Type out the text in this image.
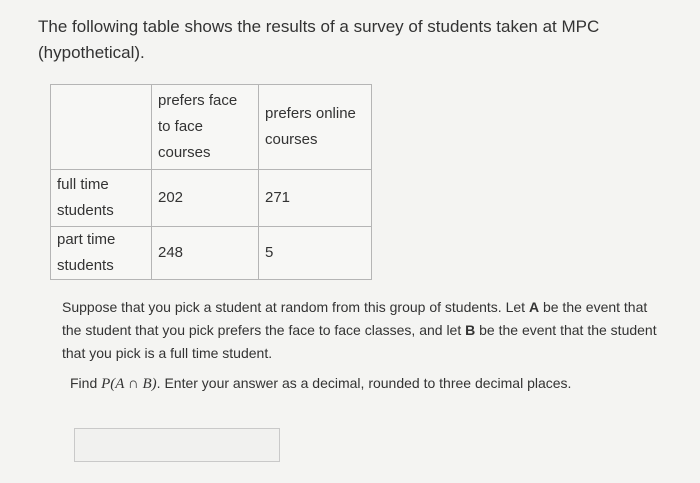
The following table shows the results of a survey of students taken at MPC (hypothetical).

	prefers face
to face
courses	prefers online
courses

full time
students	202	271

part time
students	248	5

Suppose that you pick a student at random from this group of students. Let A be the event that the student that you pick prefers the face to face classes, and let B be the event that the student that you pick is a full time student.

Find P(A ∩ B). Enter your answer as a decimal, rounded to three decimal places.
